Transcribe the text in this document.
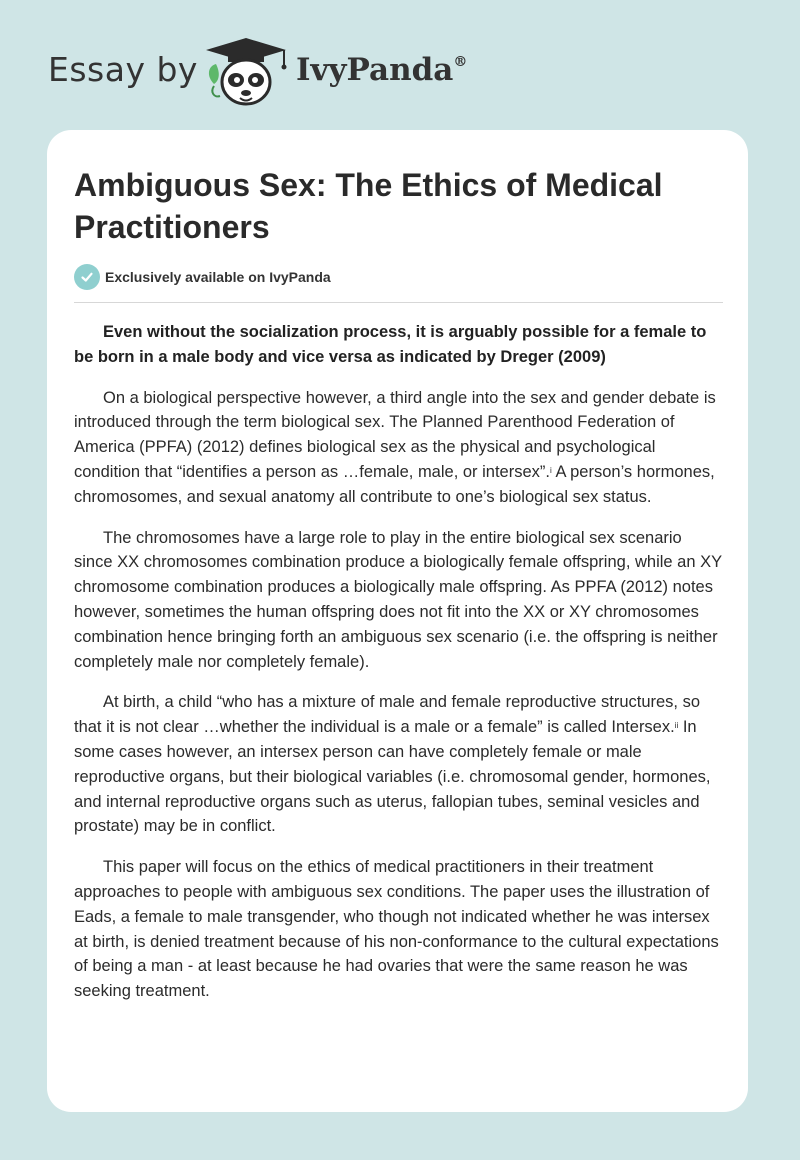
Essay by	IvyPanda®
Ambiguous Sex: The Ethics of Medical Practitioners
Exclusively available on IvyPanda

Even without the socialization process, it is arguably possible for a female to be born in a male body and vice versa as indicated by Dreger (2009)

On a biological perspective however, a third angle into the sex and gender debate is introduced through the term biological sex. The Planned Parenthood Federation of America (PPFA) (2012) defines biological sex as the physical and psychological condition that “identifies a person as …female, male, or intersex”.$^i$ A person’s hormones, chromosomes, and sexual anatomy all contribute to one’s biological sex status.

The chromosomes have a large role to play in the entire biological sex scenario since XX chromosomes combination produce a biologically female offspring, while an XY chromosome combination produces a biologically male offspring. As PPFA (2012) notes however, sometimes the human offspring does not fit into the XX or XY chromosomes combination hence bringing forth an ambiguous sex scenario (i.e. the offspring is neither completely male nor completely female).

At birth, a child “who has a mixture of male and female reproductive structures, so that it is not clear …whether the individual is a male or a female” is called Intersex.$^{ii}$ In some cases however, an intersex person can have completely female or male reproductive organs, but their biological variables (i.e. chromosomal gender, hormones, and internal reproductive organs such as uterus, fallopian tubes, seminal vesicles and prostate) may be in conflict.

This paper will focus on the ethics of medical practitioners in their treatment approaches to people with ambiguous sex conditions. The paper uses the illustration of Eads, a female to male transgender, who though not indicated whether he was intersex at birth, is denied treatment because of his non-conformance to the cultural expectations of being a man - at least because he had ovaries that were the same reason he was seeking treatment.
